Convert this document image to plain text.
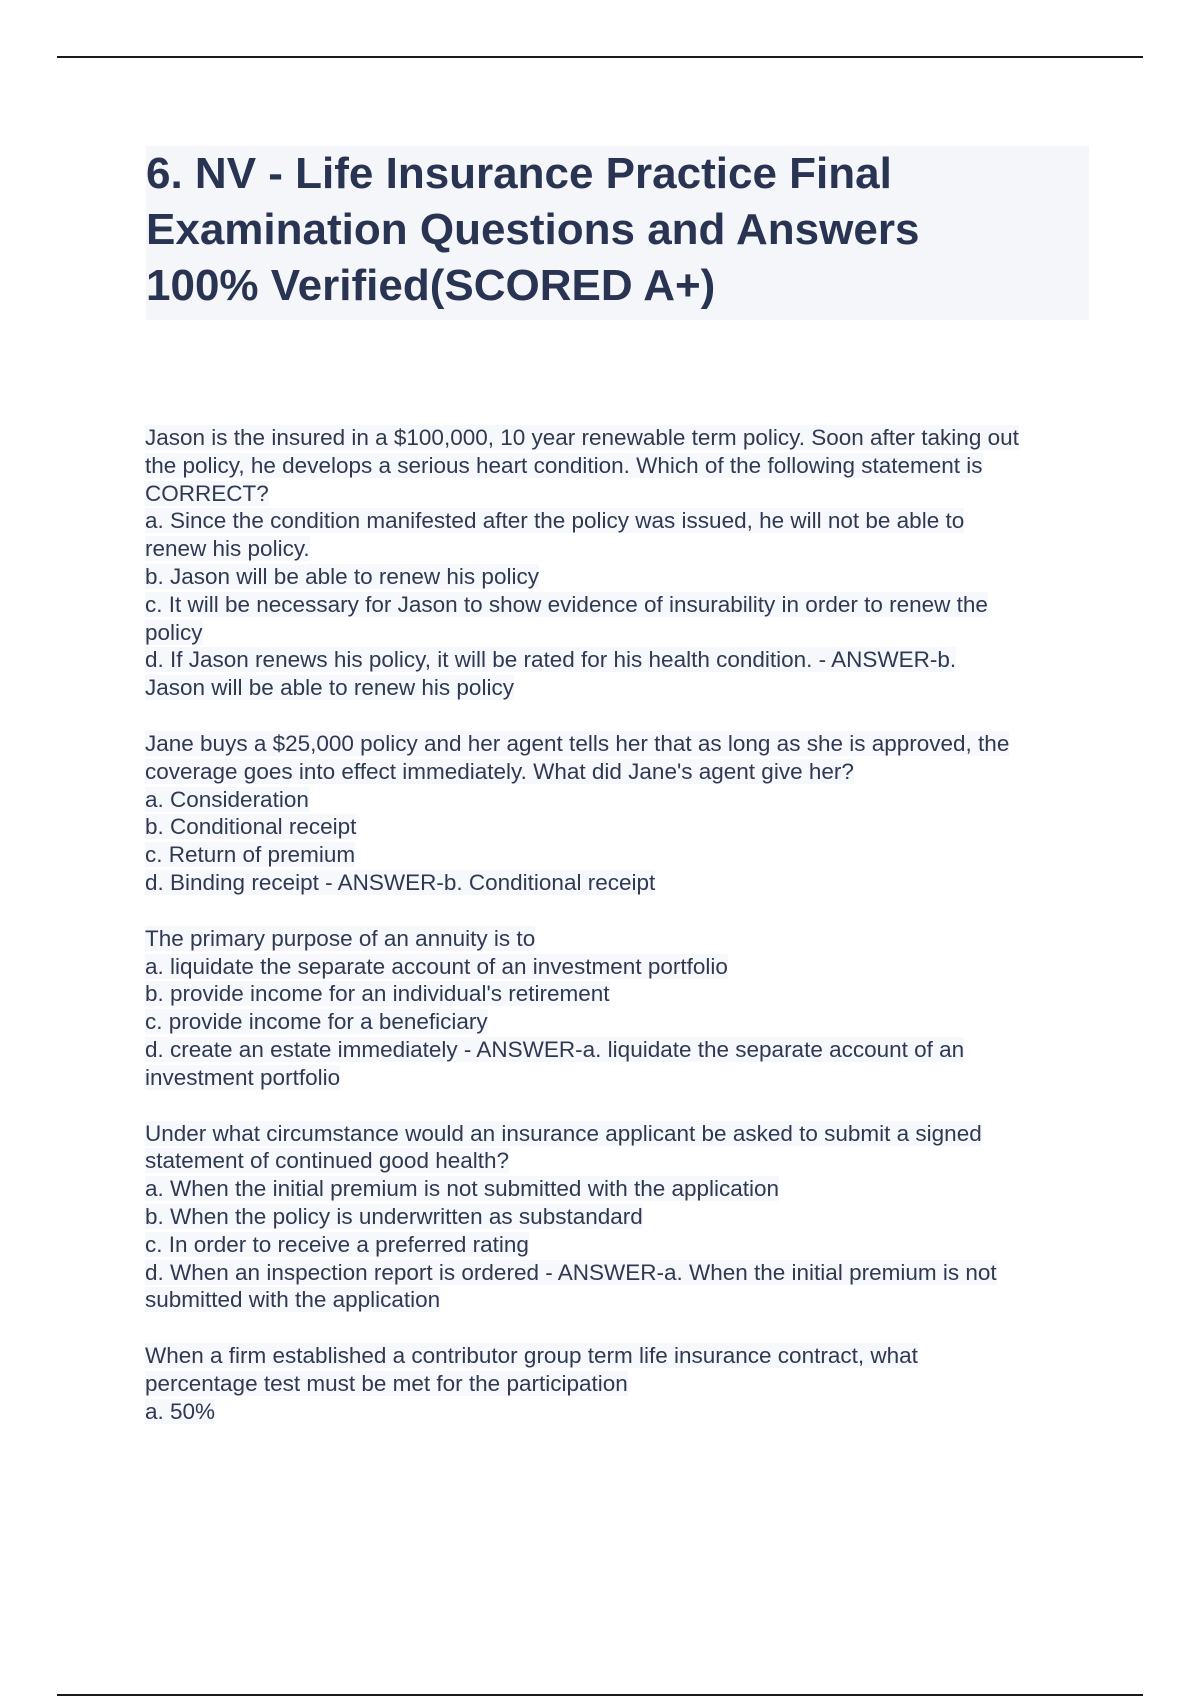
6. NV - Life Insurance Practice Final
Examination Questions and Answers
100% Verified(SCORED A+)
Jason is the insured in a $100,000, 10 year renewable term policy. Soon after taking out
the policy, he develops a serious heart condition. Which of the following statement is
CORRECT?
a. Since the condition manifested after the policy was issued, he will not be able to
renew his policy.
b. Jason will be able to renew his policy
c. It will be necessary for Jason to show evidence of insurability in order to renew the
policy
d. If Jason renews his policy, it will be rated for his health condition. - ANSWER-b.
Jason will be able to renew his policy
Jane buys a $25,000 policy and her agent tells her that as long as she is approved, the
coverage goes into effect immediately. What did Jane's agent give her?
a. Consideration
b. Conditional receipt
c. Return of premium
d. Binding receipt - ANSWER-b. Conditional receipt
The primary purpose of an annuity is to
a. liquidate the separate account of an investment portfolio
b. provide income for an individual's retirement
c. provide income for a beneficiary
d. create an estate immediately - ANSWER-a. liquidate the separate account of an
investment portfolio
Under what circumstance would an insurance applicant be asked to submit a signed
statement of continued good health?
a. When the initial premium is not submitted with the application
b. When the policy is underwritten as substandard
c. In order to receive a preferred rating
d. When an inspection report is ordered - ANSWER-a. When the initial premium is not
submitted with the application
When a firm established a contributor group term life insurance contract, what
percentage test must be met for the participation
a. 50%
